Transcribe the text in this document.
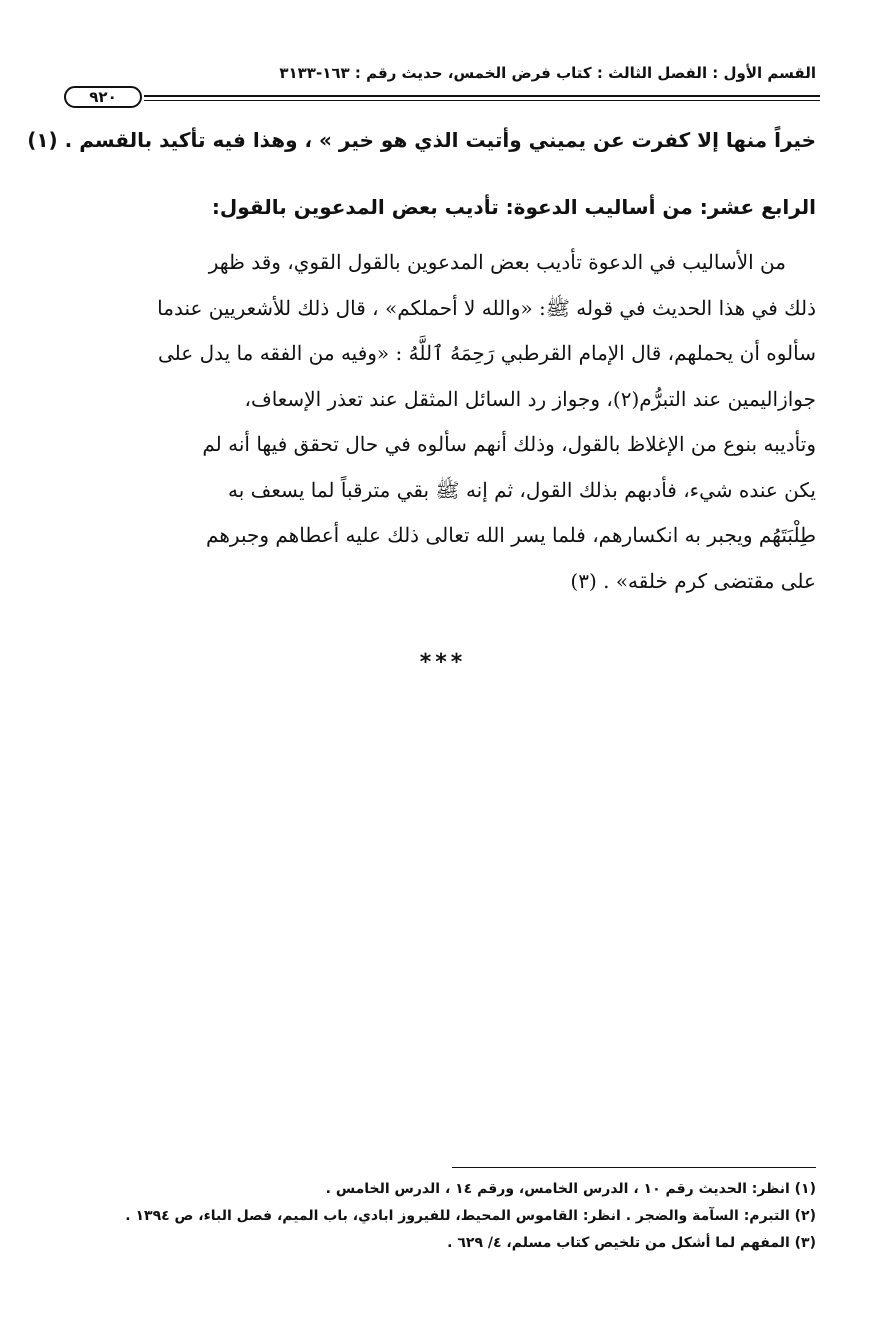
القسم الأول : الفصل الثالث : كتاب فرض الخمس، حديث رقم : ١٦٣-٣١٣٣
٩٢٠
خيراً منها إلا كفرت عن يميني وأتيت الذي هو خير » ، وهذا فيه تأكيد بالقسم . (١)
الرابع عشر: من أساليب الدعوة: تأديب بعض المدعوين بالقول:
من الأساليب في الدعوة تأديب بعض المدعوين بالقول القوي، وقد ظهر
ذلك في هذا الحديث في قوله ﷺ: «والله لا أحملكم» ، قال ذلك للأشعريين عندما
سألوه أن يحملهم، قال الإمام القرطبي رَحِمَهُ ٱللَّهُ : «وفيه من الفقه ما يدل على
جوازاليمين عند التبرُّم(٢)، وجواز رد السائل المثقل عند تعذر الإسعاف،
وتأديبه بنوع من الإغلاظ بالقول، وذلك أنهم سألوه في حال تحقق فيها أنه لم
يكن عنده شيء، فأدبهم بذلك القول، ثم إنه ﷺ بقي مترقباً لما يسعف به
طِلْبَتَهُم ويجبر به انكسارهم، فلما يسر الله تعالى ذلك عليه أعطاهم وجبرهم
على مقتضى كرم خلقه» . (٣)
***
(١) انظر: الحديث رقم ١٠ ، الدرس الخامس، ورقم ١٤ ، الدرس الخامس .
(٢) التبرم: السآمة والضجر . انظر: القاموس المحيط، للفيروز ابادي، باب الميم، فصل الباء، ص ١٣٩٤ .
(٣) المفهم لما أشكل من تلخيص كتاب مسلم، ٤/ ٦٢٩ .
